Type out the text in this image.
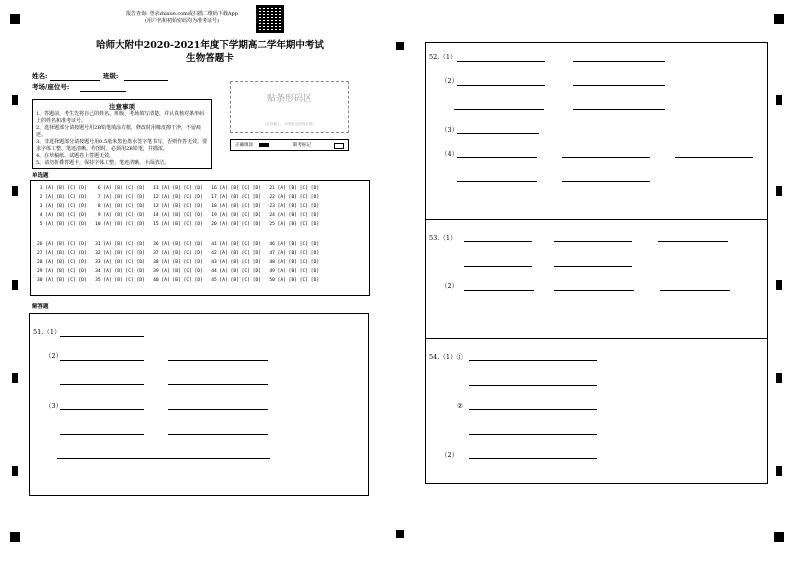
报告查询: 登录zhixue.com或扫描二维码下载App
(用户名和初始密码均为准考证号)
哈师大附中2020-2021年度下学期高二学年期中考试
生物答题卡
姓名:	班级:
考场/座位号:
注意事项
1、答题前，考生先将自己的姓名、班级、考场填写清楚，并认真核对条形码上的姓名和准考证号。
2、选择题部分请按题号用2B铅笔填涂方框，修改时用橡皮擦干净，不留痕迹。
3、非选择题部分请按题号用0.5毫米黑色墨水签字笔书写，否则作答无效。要求字体工整、笔迹清晰。作图时，必须用2B铅笔，并描浓。
4、在草稿纸、试题卷上答题无效。
5、请勿折叠答题卡，保持字体工整、笔迹清晰、卡面清洁。
贴条形码区
(正面朝上，切勿贴出虚线方框)
正确填涂	缺考标记
单选题
1 [A] [B] [C] [D]    6 [A] [B] [C] [D]   11 [A] [B] [C] [D]   16 [A] [B] [C] [D]   21 [A] [B] [C] [D]
2 [A] [B] [C] [D]    7 [A] [B] [C] [D]   12 [A] [B] [C] [D]   17 [A] [B] [C] [D]   22 [A] [B] [C] [D]
3 [A] [B] [C] [D]    8 [A] [B] [C] [D]   13 [A] [B] [C] [D]   18 [A] [B] [C] [D]   23 [A] [B] [C] [D]
4 [A] [B] [C] [D]    9 [A] [B] [C] [D]   14 [A] [B] [C] [D]   19 [A] [B] [C] [D]   24 [A] [B] [C] [D]
5 [A] [B] [C] [D]   10 [A] [B] [C] [D]   15 [A] [B] [C] [D]   20 [A] [B] [C] [D]   25 [A] [B] [C] [D]
26 [A] [B] [C] [D]   31 [A] [B] [C] [D]   36 [A] [B] [C] [D]   41 [A] [B] [C] [D]   46 [A] [B] [C] [D]
27 [A] [B] [C] [D]   32 [A] [B] [C] [D]   37 [A] [B] [C] [D]   42 [A] [B] [C] [D]   47 [A] [B] [C] [D]
28 [A] [B] [C] [D]   33 [A] [B] [C] [D]   38 [A] [B] [C] [D]   43 [A] [B] [C] [D]   48 [A] [B] [C] [D]
29 [A] [B] [C] [D]   34 [A] [B] [C] [D]   39 [A] [B] [C] [D]   44 [A] [B] [C] [D]   49 [A] [B] [C] [D]
30 [A] [B] [C] [D]   35 [A] [B] [C] [D]   40 [A] [B] [C] [D]   45 [A] [B] [C] [D]   50 [A] [B] [C] [D]
解答题
51.（1）
（2）
（3）
52.（1）
（2）
（3）
（4）
53.（1）
（2）
54.（1）①
②
（2）
